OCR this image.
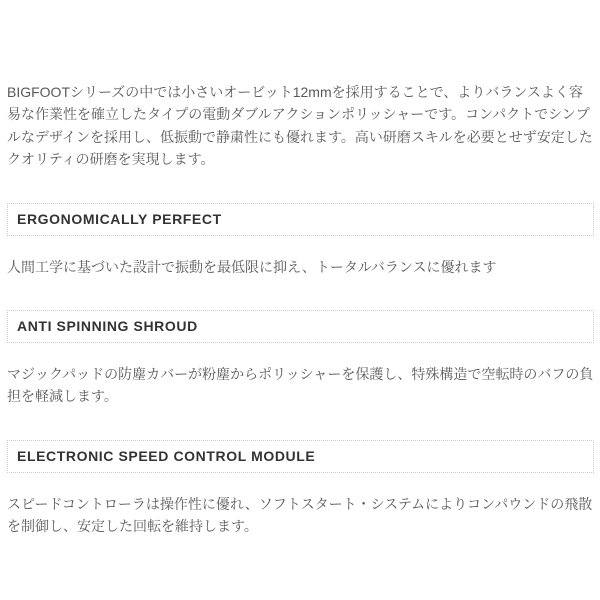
BIGFOOTシリーズの中では小さいオービット12mmを採用することで、よりバランスよく容易な作業性を確立したタイプの電動ダブルアクションポリッシャーです。コンパクトでシンプルなデザインを採用し、低振動で静粛性にも優れます。高い研磨スキルを必要とせず安定したクオリティの研磨を実現します。

ERGONOMICALLY PERFECT

人間工学に基づいた設計で振動を最低限に抑え、トータルバランスに優れます

ANTI SPINNING SHROUD

マジックパッドの防塵カバーが粉塵からポリッシャーを保護し、特殊構造で空転時のバフの負担を軽減します。

ELECTRONIC SPEED CONTROL MODULE

スピードコントローラは操作性に優れ、ソフトスタート・システムによりコンパウンドの飛散を制御し、安定した回転を維持します。
